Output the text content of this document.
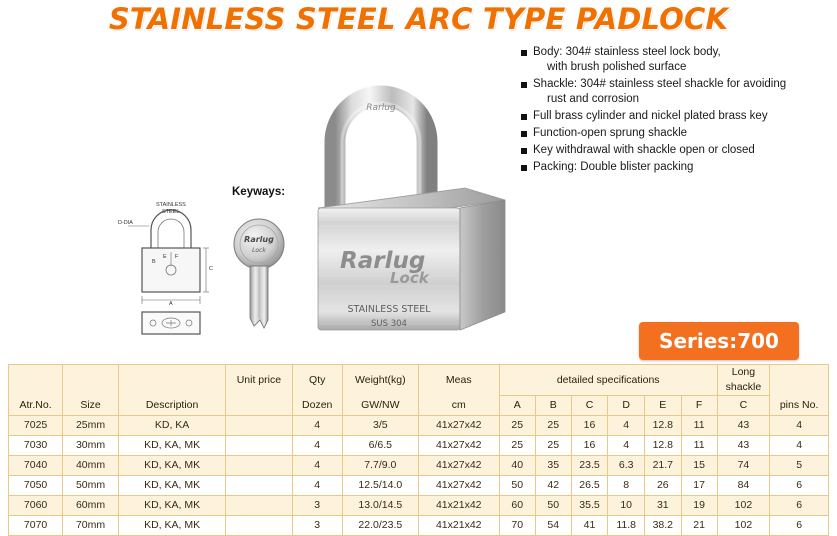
STAINLESS STEEL ARC TYPE PADLOCK
Body: 304# stainless steel lock body,
with brush polished surface
Shackle: 304# stainless steel shackle for avoiding
rust and corrosion
Full brass cylinder and nickel plated brass key
Function-open sprung shackle
Key withdrawal with shackle open or closed
Packing: Double blister packing
Keyways:
D-DIA
STAINLESS
STEEL
E F
C
B
A
Rarlug
Lock
Rarlug
Rarlug
Lock
STAINLESS STEEL
SUS 304
Series:700
			Unit price	Qty	Weight(kg)	Meas	detailed specifications						Long shackle	
Atr.No.	Size	Description		Dozen	GW/NW	cm	A	B	C	D	E	F	C	pins No.
7025	25mm	KD, KA		4	3/5	41x27x42	25	25	16	4	12.8	11	43	4
7030	30mm	KD, KA, MK		4	6/6.5	41x27x42	25	25	16	4	12.8	11	43	4
7040	40mm	KD, KA, MK		4	7.7/9.0	41x27x42	40	35	23.5	6.3	21.7	15	74	5
7050	50mm	KD, KA, MK		4	12.5/14.0	41x27x42	50	42	26.5	8	26	17	84	6
7060	60mm	KD, KA, MK		3	13.0/14.5	41x21x42	60	50	35.5	10	31	19	102	6
7070	70mm	KD, KA, MK		3	22.0/23.5	41x21x42	70	54	41	11.8	38.2	21	102	6
